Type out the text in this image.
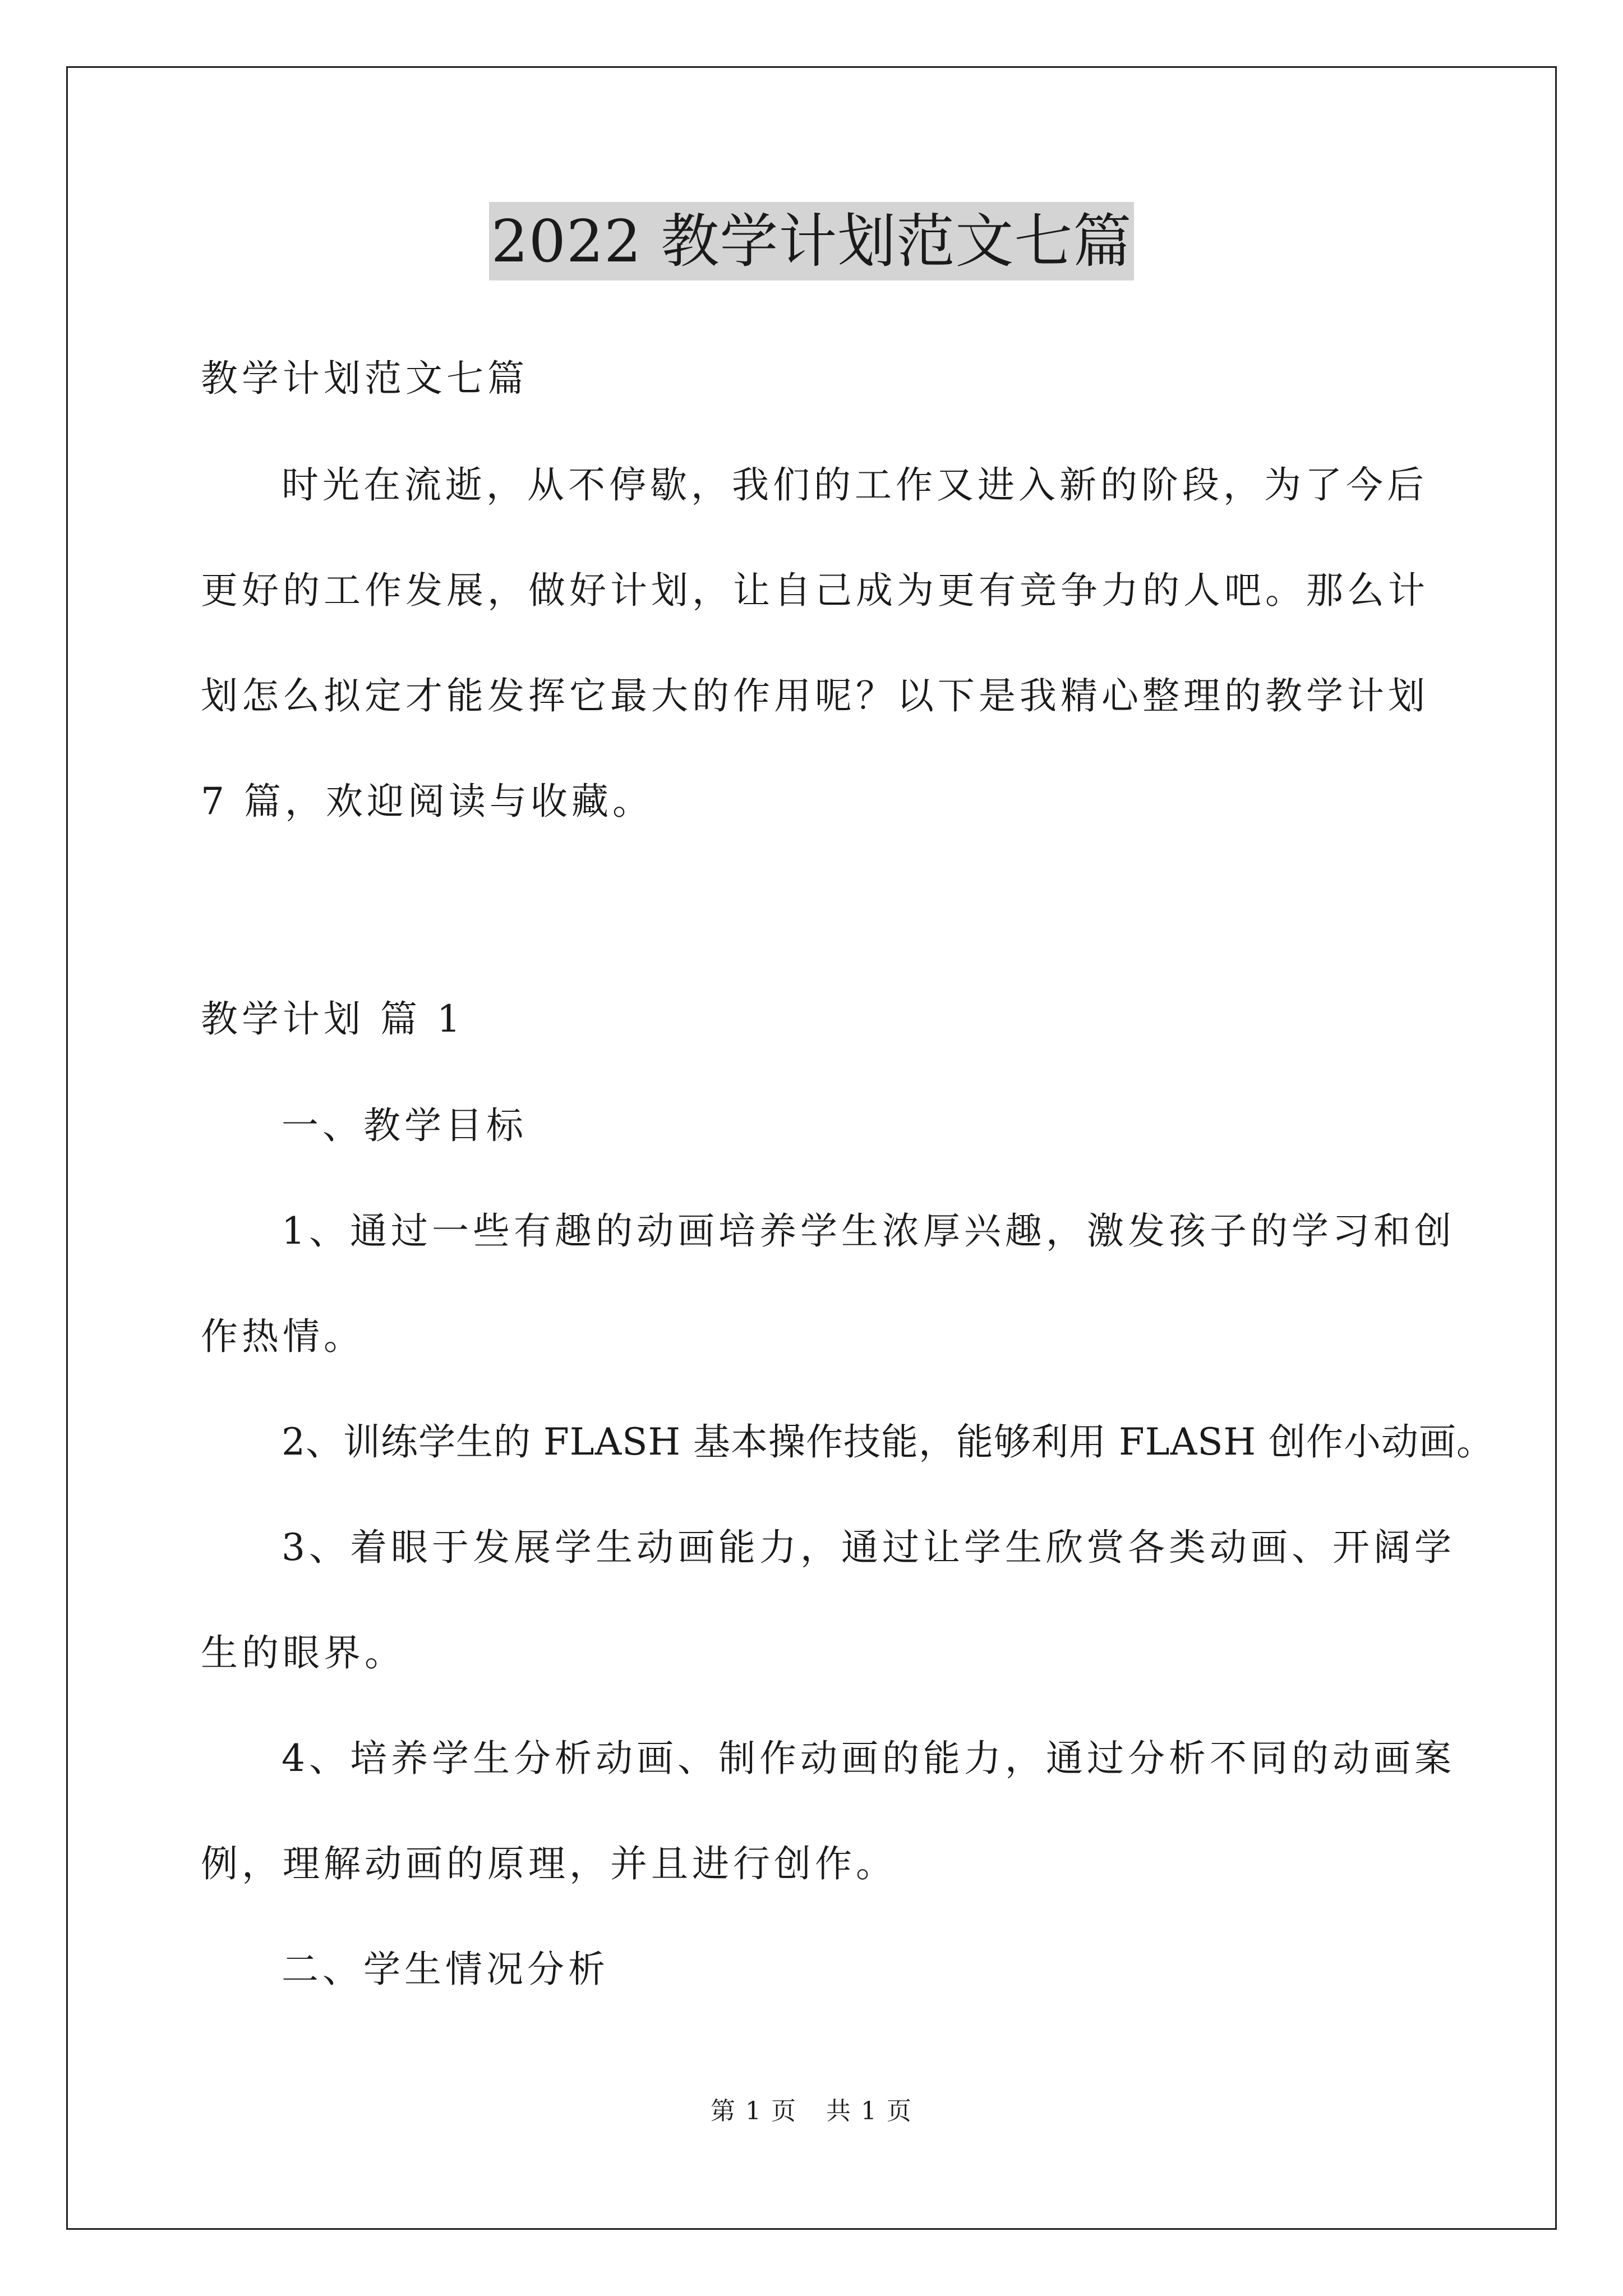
2022 教学计划范文七篇

教学计划范文七篇

时光在流逝，从不停歇，我们的工作又进入新的阶段，为了今后

更好的工作发展，做好计划，让自己成为更有竞争力的人吧。那么计

划怎么拟定才能发挥它最大的作用呢？以下是我精心整理的教学计划

7 篇，欢迎阅读与收藏。

教学计划 篇 1

一、教学目标

1、通过一些有趣的动画培养学生浓厚兴趣，激发孩子的学习和创

作热情。

2、训练学生的 FLASH 基本操作技能，能够利用 FLASH 创作小动画。

3、着眼于发展学生动画能力，通过让学生欣赏各类动画、开阔学

生的眼界。

4、培养学生分析动画、制作动画的能力，通过分析不同的动画案

例，理解动画的原理，并且进行创作。

二、学生情况分析

第 1 页 共 1 页
